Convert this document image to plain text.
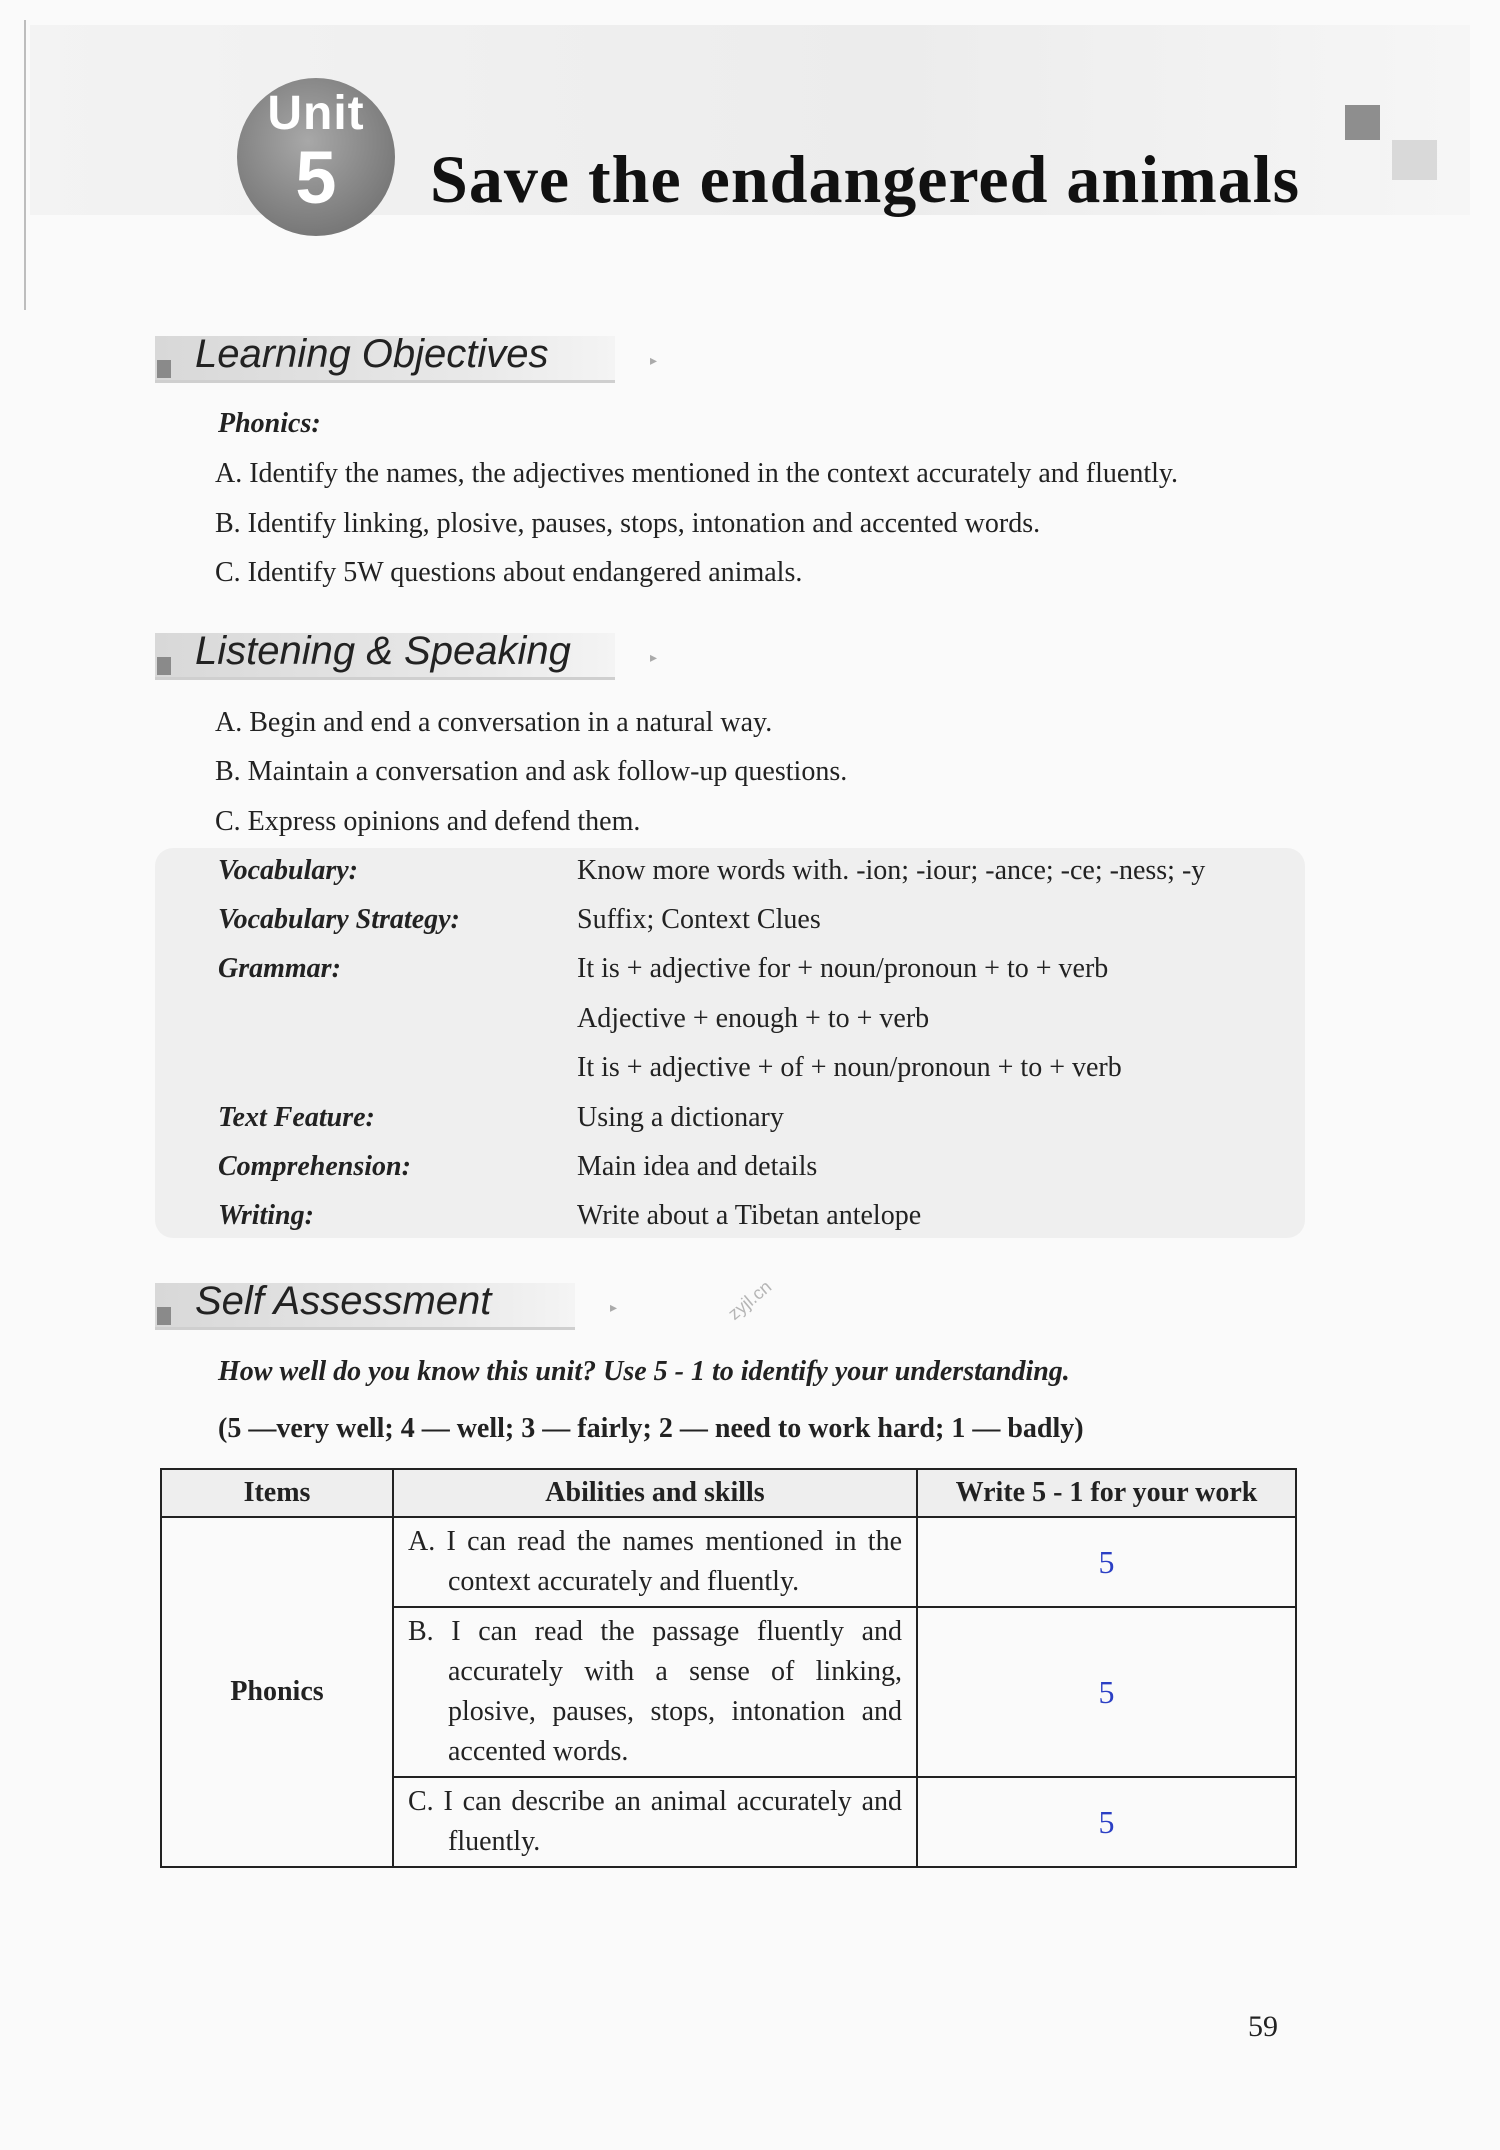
Unit
5	Save the endangered animals
Learning Objectives	▸
Phonics:
A. Identify the names, the adjectives mentioned in the context accurately and fluently.
B. Identify linking, plosive, pauses, stops, intonation and accented words.
C. Identify 5W questions about endangered animals.
Listening & Speaking	▸
A. Begin and end a conversation in a natural way.
B. Maintain a conversation and ask follow-up questions.
C. Express opinions and defend them.
Vocabulary:	Know more words with. -ion; -iour; -ance; -ce; -ness; -y
Vocabulary Strategy:	Suffix; Context Clues
Grammar:	It is + adjective for + noun/pronoun + to + verb
Adjective + enough + to + verb
It is + adjective + of + noun/pronoun + to + verb
Text Feature:	Using a dictionary
Comprehension:	Main idea and details
Writing:	Write about a Tibetan antelope
Self Assessment	▸	zyjl.cn
How well do you know this unit? Use 5 - 1 to identify your understanding.
(5 —very well; 4 — well; 3 — fairly; 2 — need to work hard; 1 — badly)
Items	Abilities and skills	Write 5 - 1 for your work
Phonics	A. I can read the names mentioned in the context accurately and fluently.	5

	B. I can read the passage fluently and accurately with a sense of linking, plosive, pauses, stops, intonation and accented words.	5

	C. I can describe an animal accurately and fluently.	5
59
